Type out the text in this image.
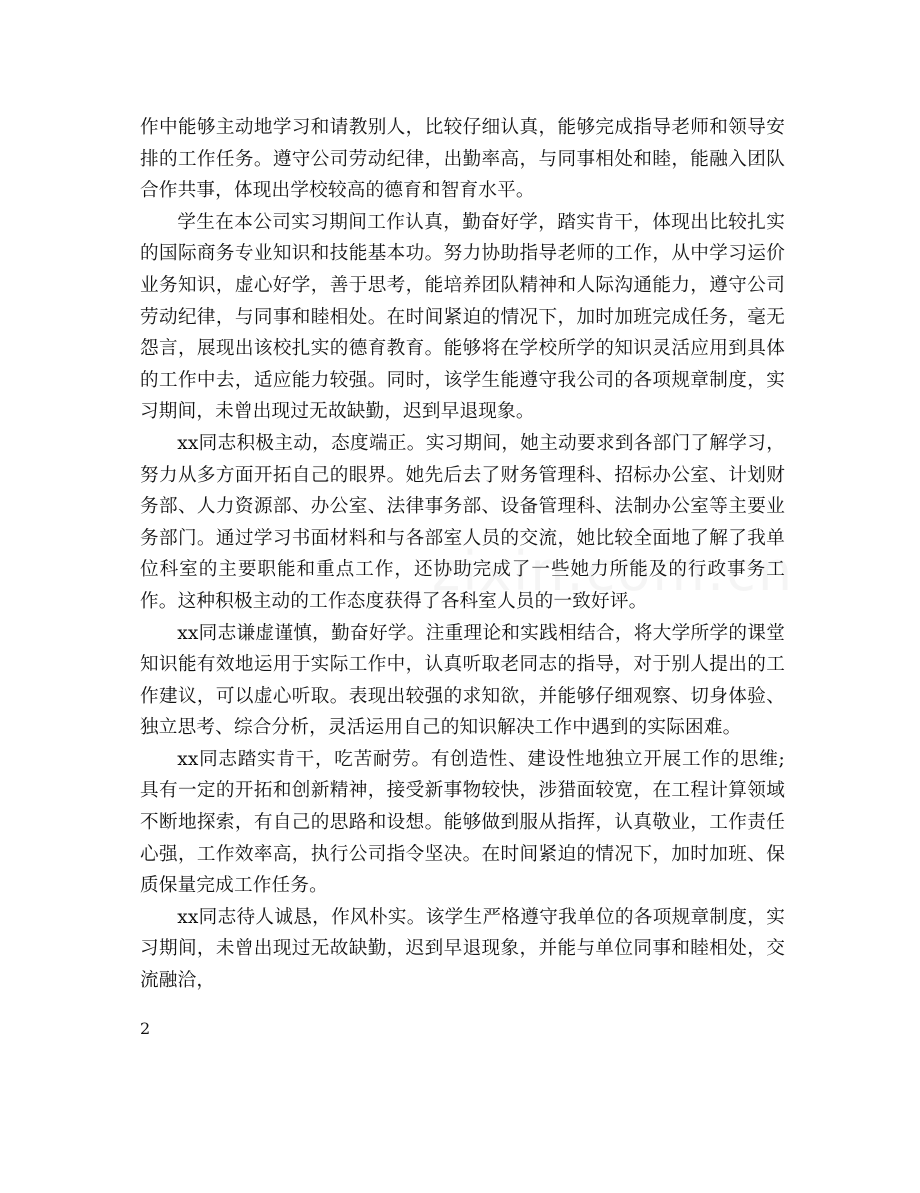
作中能够主动地学习和请教别人，比较仔细认真，能够完成指导老师和领导安排的工作任务。遵守公司劳动纪律，出勤率高，与同事相处和睦，能融入团队合作共事，体现出学校较高的德育和智育水平。

学生在本公司实习期间工作认真，勤奋好学，踏实肯干，体现出比较扎实的国际商务专业知识和技能基本功。努力协助指导老师的工作，从中学习运价业务知识，虚心好学，善于思考，能培养团队精神和人际沟通能力，遵守公司劳动纪律，与同事和睦相处。在时间紧迫的情况下，加时加班完成任务，毫无怨言，展现出该校扎实的德育教育。能够将在学校所学的知识灵活应用到具体的工作中去，适应能力较强。同时，该学生能遵守我公司的各项规章制度，实习期间，未曾出现过无故缺勤，迟到早退现象。

xx同志积极主动，态度端正。实习期间，她主动要求到各部门了解学习，努力从多方面开拓自己的眼界。她先后去了财务管理科、招标办公室、计划财务部、人力资源部、办公室、法律事务部、设备管理科、法制办公室等主要业务部门。通过学习书面材料和与各部室人员的交流，她比较全面地了解了我单位科室的主要职能和重点工作，还协助完成了一些她力所能及的行政事务工作。这种积极主动的工作态度获得了各科室人员的一致好评。

xx同志谦虚谨慎，勤奋好学。注重理论和实践相结合，将大学所学的课堂知识能有效地运用于实际工作中，认真听取老同志的指导，对于别人提出的工作建议，可以虚心听取。表现出较强的求知欲，并能够仔细观察、切身体验、独立思考、综合分析，灵活运用自己的知识解决工作中遇到的实际困难。

xx同志踏实肯干，吃苦耐劳。有创造性、建设性地独立开展工作的思维;具有一定的开拓和创新精神，接受新事物较快，涉猎面较宽，在工程计算领域不断地探索，有自己的思路和设想。能够做到服从指挥，认真敬业，工作责任心强，工作效率高，执行公司指令坚决。在时间紧迫的情况下，加时加班、保质保量完成工作任务。

xx同志待人诚恳，作风朴实。该学生严格遵守我单位的各项规章制度，实习期间，未曾出现过无故缺勤，迟到早退现象，并能与单位同事和睦相处，交流融洽，

2
